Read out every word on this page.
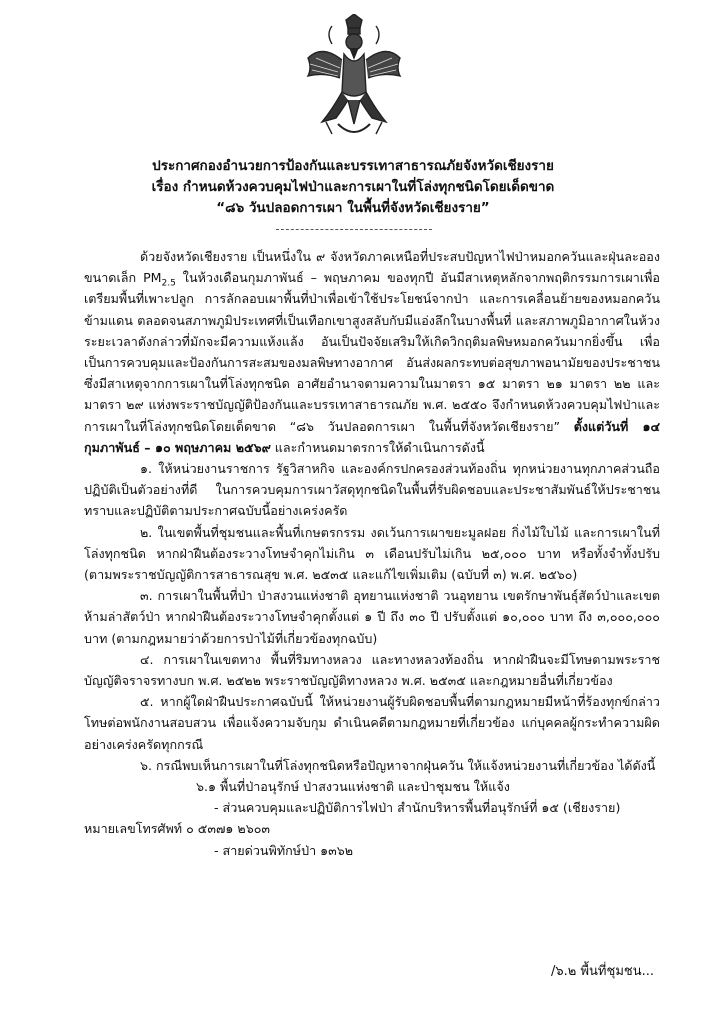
ประกาศกองอำนวยการป้องกันและบรรเทาสาธารณภัยจังหวัดเชียงราย
เรื่อง กำหนดห้วงควบคุมไฟป่าและการเผาในที่โล่งทุกชนิดโดยเด็ดขาด
“๘๖ วันปลอดการเผา ในพื้นที่จังหวัดเชียงราย”

ด้วยจังหวัดเชียงราย เป็นหนึ่งใน ๙ จังหวัดภาคเหนือที่ประสบปัญหาไฟป่าหมอกควันและฝุ่นละอองขนาดเล็ก $PM_{2.5}$ ในห้วงเดือนกุมภาพันธ์ – พฤษภาคม ของทุกปี อันมีสาเหตุหลักจากพฤติกรรมการเผาเพื่อเตรียมพื้นที่เพาะปลูก การลักลอบเผาพื้นที่ป่าเพื่อเข้าใช้ประโยชน์จากป่า และการเคลื่อนย้ายของหมอกควันข้ามแดน ตลอดจนสภาพภูมิประเทศที่เป็นเทือกเขาสูงสลับกับมีแอ่งลึกในบางพื้นที่ และสภาพภูมิอากาศในห้วงระยะเวลาดังกล่าวที่มักจะมีความแห้งแล้ง อันเป็นปัจจัยเสริมให้เกิดวิกฤติมลพิษหมอกควันมากยิ่งขึ้น เพื่อเป็นการควบคุมและป้องกันการสะสมของมลพิษทางอากาศ อันส่งผลกระทบต่อสุขภาพอนามัยของประชาชน ซึ่งมีสาเหตุจากการเผาในที่โล่งทุกชนิด อาศัยอำนาจตามความในมาตรา ๑๕ มาตรา ๒๑ มาตรา ๒๒ และมาตรา ๒๙ แห่งพระราชบัญญัติป้องกันและบรรเทาสาธารณภัย พ.ศ. ๒๕๕๐ จึงกำหนดห้วงควบคุมไฟป่าและการเผาในที่โล่งทุกชนิดโดยเด็ดขาด “๘๖ วันปลอดการเผา ในพื้นที่จังหวัดเชียงราย” ตั้งแต่วันที่ ๑๔ กุมภาพันธ์ – ๑๐ พฤษภาคม ๒๕๖๙ และกำหนดมาตรการให้ดำเนินการดังนี้

๑. ให้หน่วยงานราชการ รัฐวิสาหกิจ และองค์กรปกครองส่วนท้องถิ่น ทุกหน่วยงานทุกภาคส่วนถือปฏิบัติเป็นตัวอย่างที่ดี ในการควบคุมการเผาวัสดุทุกชนิดในพื้นที่รับผิดชอบและประชาสัมพันธ์ให้ประชาชนทราบและปฏิบัติตามประกาศฉบับนี้อย่างเคร่งครัด

๒. ในเขตพื้นที่ชุมชนและพื้นที่เกษตรกรรม งดเว้นการเผาขยะมูลฝอย กิ่งไม้ใบไม้ และการเผาในที่โล่งทุกชนิด หากฝ่าฝืนต้องระวางโทษจำคุกไม่เกิน ๓ เดือนปรับไม่เกิน ๒๕,๐๐๐ บาท หรือทั้งจำทั้งปรับ (ตามพระราชบัญญัติการสาธารณสุข พ.ศ. ๒๕๓๕ และแก้ไขเพิ่มเติม (ฉบับที่ ๓) พ.ศ. ๒๕๖๐)

๓. การเผาในพื้นที่ป่า ป่าสงวนแห่งชาติ อุทยานแห่งชาติ วนอุทยาน เขตรักษาพันธุ์สัตว์ป่าและเขตห้ามล่าสัตว์ป่า หากฝ่าฝืนต้องระวางโทษจำคุกตั้งแต่ ๑ ปี ถึง ๓๐ ปี ปรับตั้งแต่ ๑๐,๐๐๐ บาท ถึง ๓,๐๐๐,๐๐๐ บาท (ตามกฎหมายว่าด้วยการป่าไม้ที่เกี่ยวข้องทุกฉบับ)

๔. การเผาในเขตทาง พื้นที่ริมทางหลวง และทางหลวงท้องถิ่น หากฝ่าฝืนจะมีโทษตามพระราชบัญญัติจราจรทางบก พ.ศ. ๒๕๒๒ พระราชบัญญัติทางหลวง พ.ศ. ๒๕๓๕ และกฎหมายอื่นที่เกี่ยวข้อง

๕. หากผู้ใดฝ่าฝืนประกาศฉบับนี้ ให้หน่วยงานผู้รับผิดชอบพื้นที่ตามกฎหมายมีหน้าที่ร้องทุกข์กล่าวโทษต่อพนักงานสอบสวน เพื่อแจ้งความจับกุม ดำเนินคดีตามกฎหมายที่เกี่ยวข้อง แก่บุคคลผู้กระทำความผิดอย่างเคร่งครัดทุกกรณี

๖. กรณีพบเห็นการเผาในที่โล่งทุกชนิดหรือปัญหาจากฝุ่นควัน ให้แจ้งหน่วยงานที่เกี่ยวข้อง ได้ดังนี้

๖.๑ พื้นที่ป่าอนุรักษ์ ป่าสงวนแห่งชาติ และป่าชุมชน ให้แจ้ง

- ส่วนควบคุมและปฏิบัติการไฟป่า สำนักบริหารพื้นที่อนุรักษ์ที่ ๑๕ (เชียงราย)

หมายเลขโทรศัพท์ ๐ ๕๓๗๑ ๒๖๐๓

- สายด่วนพิทักษ์ป่า ๑๓๖๒

/๖.๒ พื้นที่ชุมชน...
